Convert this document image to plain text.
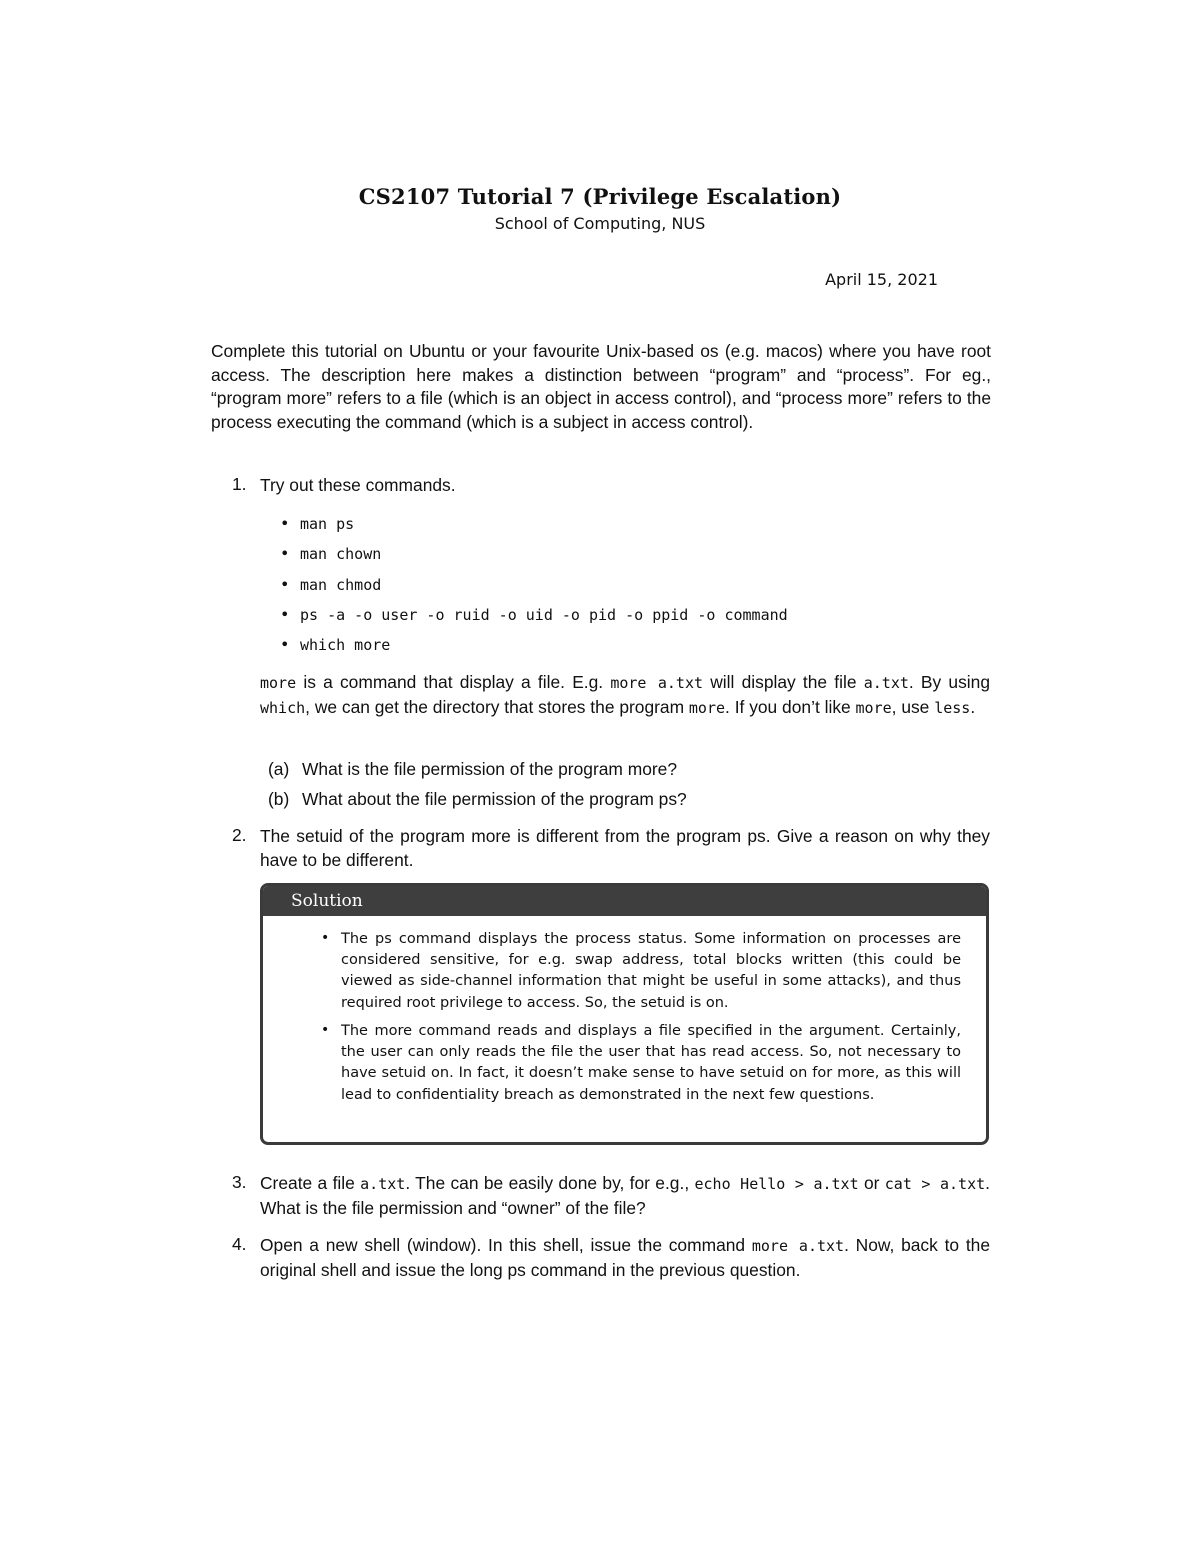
CS2107 Tutorial 7 (Privilege Escalation)
School of Computing, NUS
April 15, 2021
Complete this tutorial on Ubuntu or your favourite Unix-based os (e.g. macos) where you have root access. The description here makes a distinction between “program” and “process”. For eg., “program more” refers to a file (which is an object in access control), and “process more” refers to the process executing the command (which is a subject in access control).
1. Try out these commands.
• man ps
• man chown
• man chmod
• ps -a -o user -o ruid -o uid -o pid -o ppid -o command
• which more
more is a command that display a file. E.g. more a.txt will display the file a.txt. By using which, we can get the directory that stores the program more. If you don’t like more, use less.
(a) What is the file permission of the program more?
(b) What about the file permission of the program ps?
2. The setuid of the program more is different from the program ps. Give a reason on why they have to be different.
Solution
• The ps command displays the process status. Some information on processes are considered sensitive, for e.g. swap address, total blocks written (this could be viewed as side-channel information that might be useful in some attacks), and thus required root privilege to access. So, the setuid is on.
• The more command reads and displays a file specified in the argument. Certainly, the user can only reads the file the user that has read access. So, not necessary to have setuid on. In fact, it doesn’t make sense to have setuid on for more, as this will lead to confidentiality breach as demonstrated in the next few questions.
3. Create a file a.txt. The can be easily done by, for e.g., echo Hello > a.txt or cat > a.txt. What is the file permission and “owner” of the file?
4. Open a new shell (window). In this shell, issue the command more a.txt. Now, back to the original shell and issue the long ps command in the previous question.
